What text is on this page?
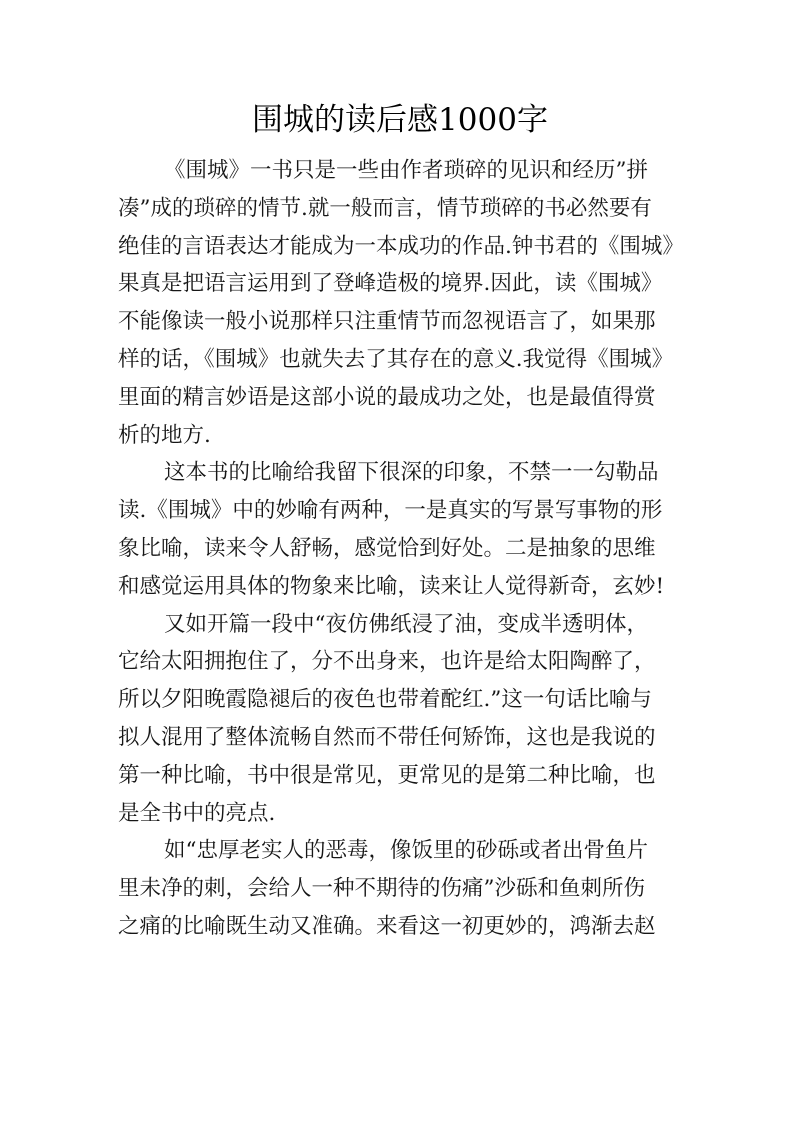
围城的读后感1000字
《围城》一书只是一些由作者琐碎的见识和经历”拼
凑”成的琐碎的情节.就一般而言，情节琐碎的书必然要有
绝佳的言语表达才能成为一本成功的作品.钟书君的《围城》
果真是把语言运用到了登峰造极的境界.因此，读《围城》
不能像读一般小说那样只注重情节而忽视语言了，如果那
样的话，《围城》也就失去了其存在的意义.我觉得《围城》
里面的精言妙语是这部小说的最成功之处，也是最值得赏
析的地方.
这本书的比喻给我留下很深的印象，不禁一一勾勒品
读.《围城》中的妙喻有两种，一是真实的写景写事物的形
象比喻，读来令人舒畅，感觉恰到好处。二是抽象的思维
和感觉运用具体的物象来比喻，读来让人觉得新奇，玄妙!
又如开篇一段中“夜仿佛纸浸了油，变成半透明体，
它给太阳拥抱住了，分不出身来，也许是给太阳陶醉了，
所以夕阳晚霞隐褪后的夜色也带着酡红.”这一句话比喻与
拟人混用了整体流畅自然而不带任何矫饰，这也是我说的
第一种比喻，书中很是常见，更常见的是第二种比喻，也
是全书中的亮点.
如“忠厚老实人的恶毒，像饭里的砂砾或者出骨鱼片
里未净的刺，会给人一种不期待的伤痛”沙砾和鱼刺所伤
之痛的比喻既生动又准确。来看这一初更妙的，鸿渐去赵
